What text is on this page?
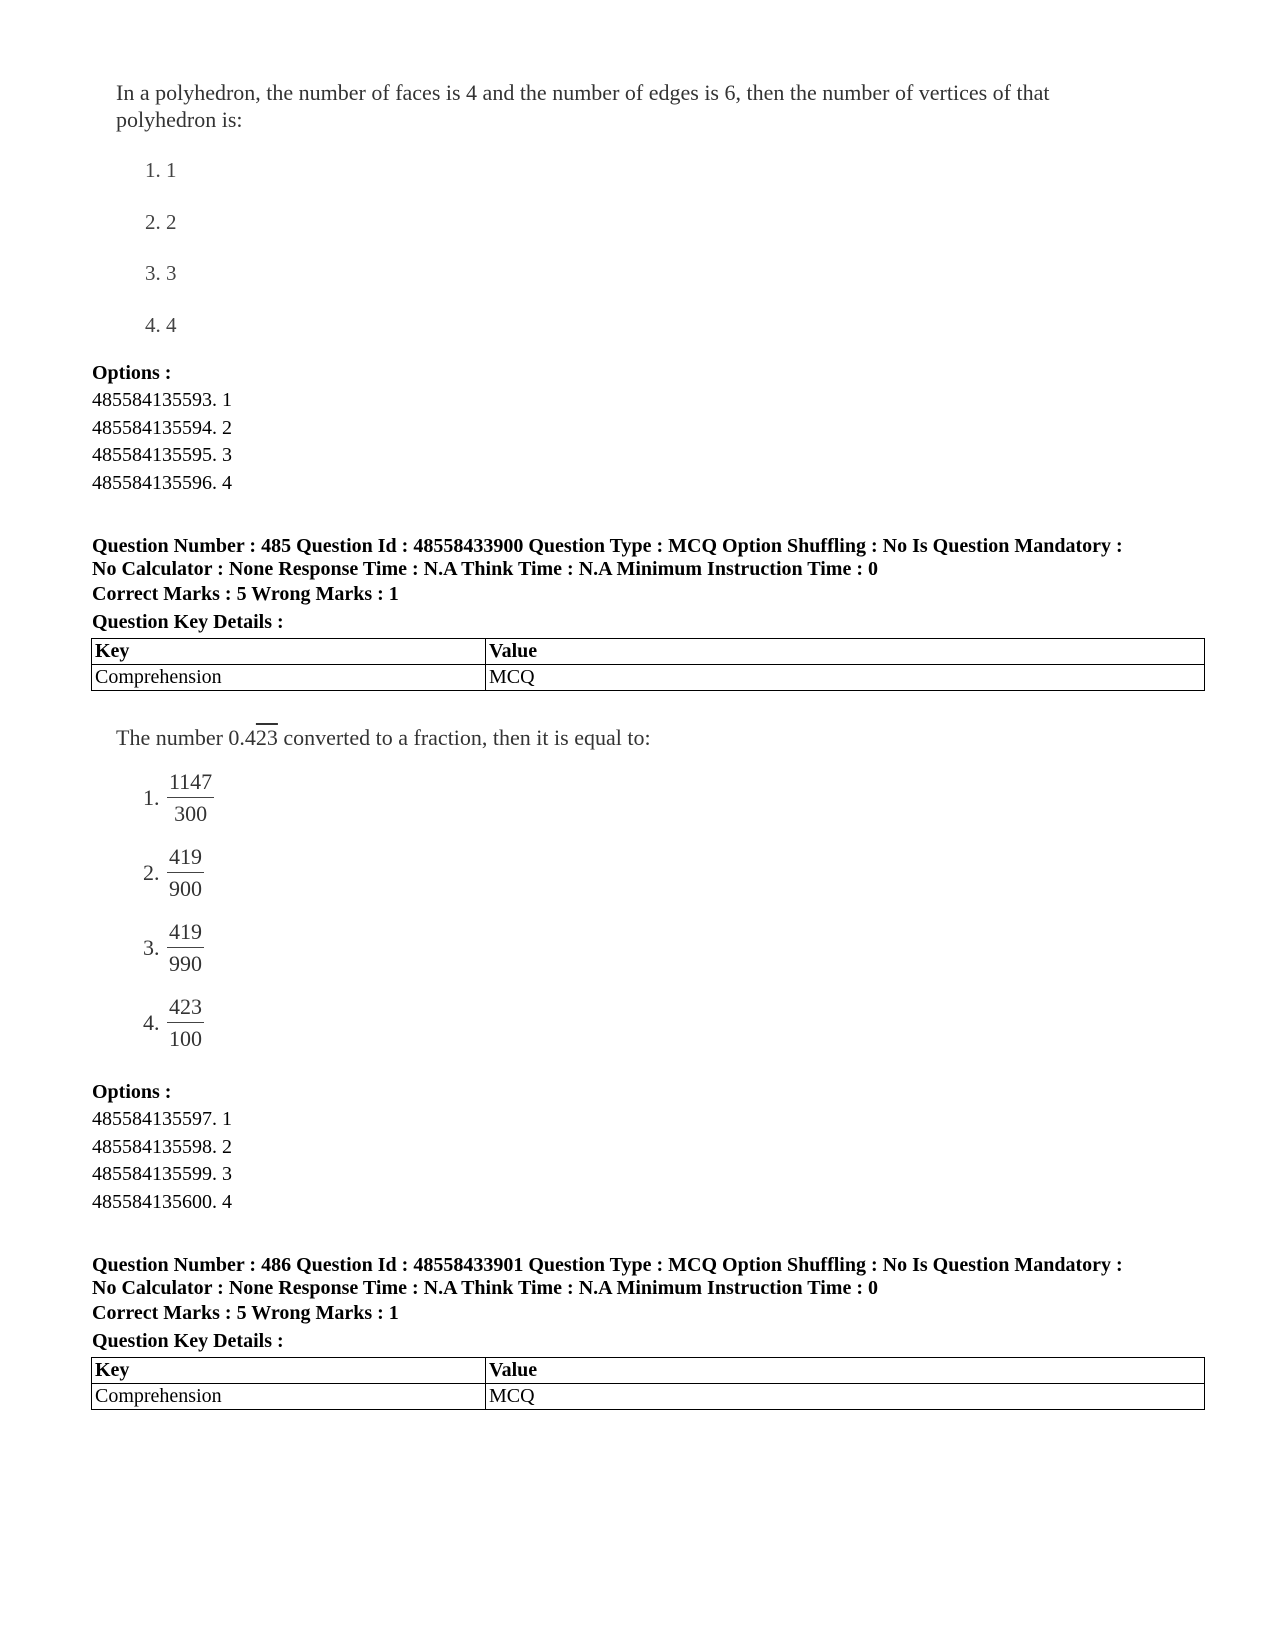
In a polyhedron, the number of faces is 4 and the number of edges is 6, then the number of vertices of that polyhedron is:
1. 1
2. 2
3. 3
4. 4
Options :
485584135593. 1
485584135594. 2
485584135595. 3
485584135596. 4
Question Number : 485 Question Id : 48558433900 Question Type : MCQ Option Shuffling : No Is Question Mandatory :
No Calculator : None Response Time : N.A Think Time : N.A Minimum Instruction Time : 0
Correct Marks : 5 Wrong Marks : 1
Question Key Details :
Key	Value
Comprehension	MCQ
The number 0.423 converted to a fraction, then it is equal to:
1. $\frac{1147}{300}$
2. $\frac{419}{900}$
3. $\frac{419}{990}$
4. $\frac{423}{100}$
Options :
485584135597. 1
485584135598. 2
485584135599. 3
485584135600. 4
Question Number : 486 Question Id : 48558433901 Question Type : MCQ Option Shuffling : No Is Question Mandatory :
No Calculator : None Response Time : N.A Think Time : N.A Minimum Instruction Time : 0
Correct Marks : 5 Wrong Marks : 1
Question Key Details :
Key	Value
Comprehension	MCQ
